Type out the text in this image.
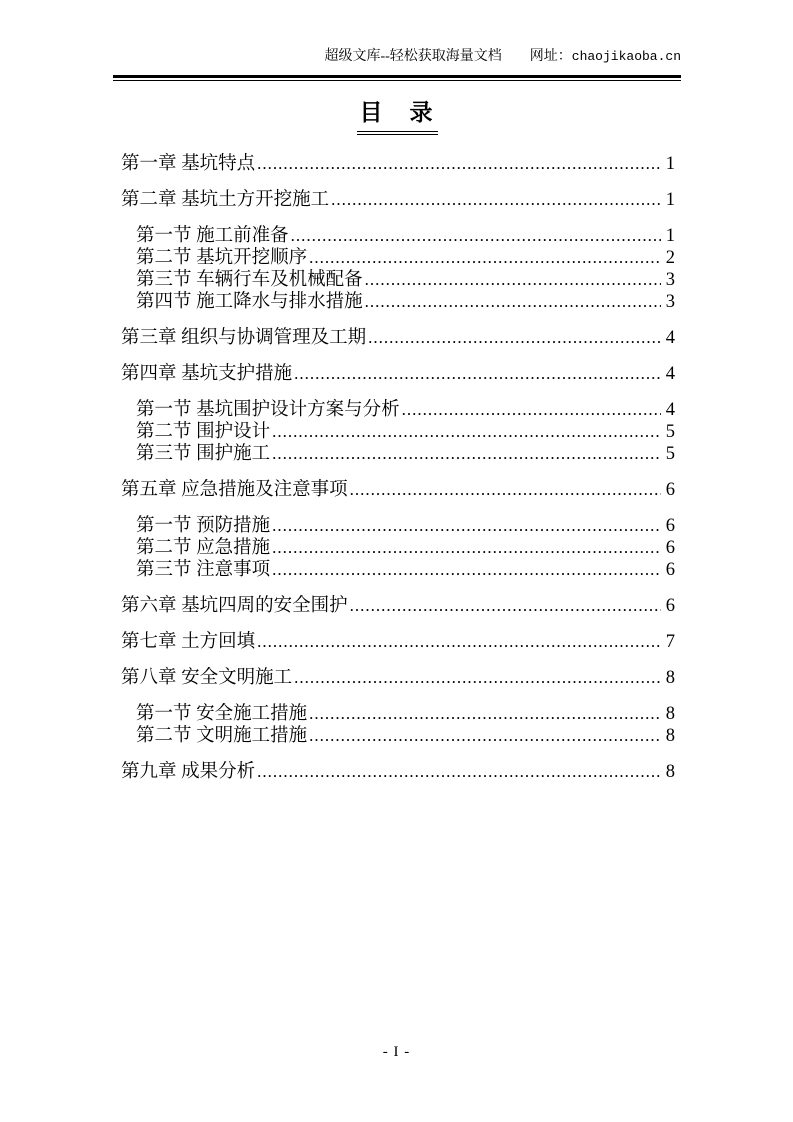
超级文库--轻松获取海量文档 网址：chaojikaoba.cn
目　录
第一章 基坑特点 .....	1
第二章 基坑土方开挖施工 .....	1
第一节 施工前准备 .....	1
第二节 基坑开挖顺序 .....	2
第三节 车辆行车及机械配备 .....	3
第四节 施工降水与排水措施 .....	3
第三章 组织与协调管理及工期 .....	4
第四章 基坑支护措施 .....	4
第一节 基坑围护设计方案与分析 .....	4
第二节 围护设计 .....	5
第三节 围护施工 .....	5
第五章 应急措施及注意事项 .....	6
第一节 预防措施 .....	6
第二节 应急措施 .....	6
第三节 注意事项 .....	6
第六章 基坑四周的安全围护 .....	6
第七章 土方回填 .....	7
第八章 安全文明施工 .....	8
第一节 安全施工措施 .....	8
第二节 文明施工措施 .....	8
第九章 成果分析 .....	8
- I -
